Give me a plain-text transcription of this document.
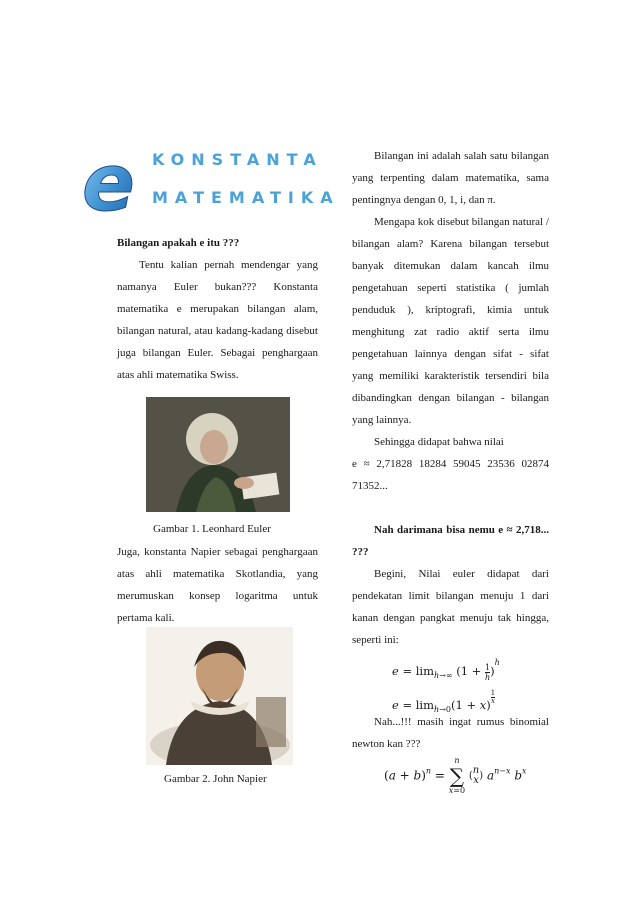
e KONSTANTA
MATEMATIKA

Bilangan apakah e itu ???

Tentu kalian pernah mendengar yang namanya Euler bukan??? Konstanta matematika e merupakan bilangan alam, bilangan natural, atau kadang-kadang disebut juga bilangan Euler. Sebagai penghargaan atas ahli matematika Swiss.

Gambar 1. Leonhard Euler

Juga, konstanta Napier sebagai penghargaan atas ahli matematika Skotlandia, yang merumuskan konsep logaritma untuk pertama kali.

Gambar 2. John Napier

Bilangan ini adalah salah satu bilangan yang terpenting dalam matematika, sama pentingnya dengan 0, 1, i, dan π.

Mengapa kok disebut bilangan natural / bilangan alam? Karena bilangan tersebut banyak ditemukan dalam kancah ilmu pengetahuan seperti statistika ( jumlah penduduk ), kriptografi, kimia untuk menghitung zat radio aktif serta ilmu pengetahuan lainnya dengan sifat - sifat yang memiliki karakteristik tersendiri bila dibandingkan dengan bilangan - bilangan yang lainnya.

Sehingga didapat bahwa nilai

e ≈ 2,71828 18284 59045 23536 02874 71352...

Nah darimana bisa nemu e ≈ 2,718... ???

Begini, Nilai euler didapat dari pendekatan limit bilangan menuju 1 dari kanan dengan pangkat menuju tak hingga, seperti ini:

$e = \lim_{h\to\infty} (1 + \frac{1}{h} )^h$
$e = \lim_{h\to 0}(1 + x) \frac{1}{x}$

Nah...!!! masih ingat rumus binomial newton kan ???

$(a + b)^n$ =
n
∑
x=0
( n
x ) $a^{n-x}$ $b^x$
